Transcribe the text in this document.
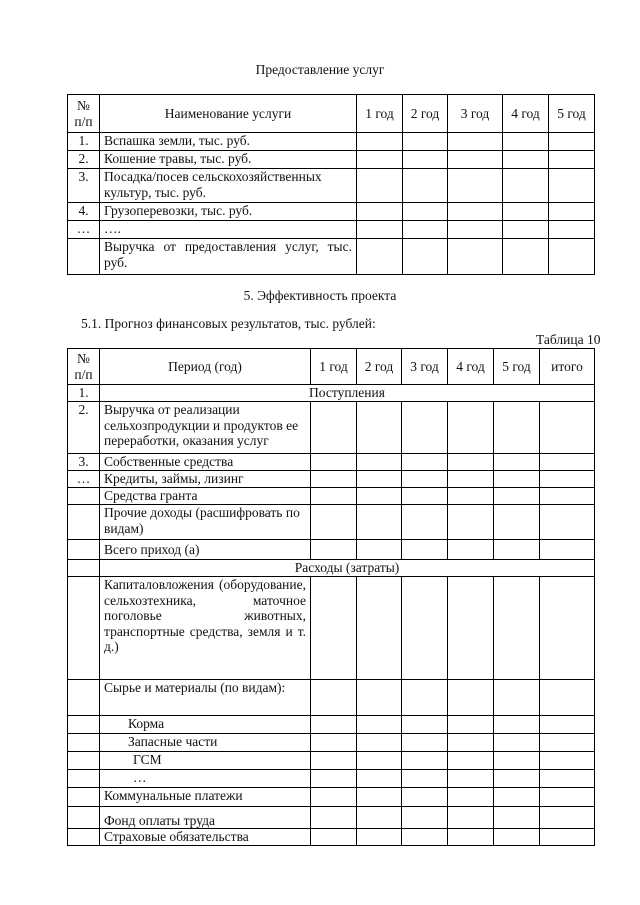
Предоставление услуг

№ п/п	Наименование услуги	1 год	2 год	3 год	4 год	5 год
1.	Вспашка земли, тыс. руб.					
2.	Кошение травы, тыс. руб.					
3.	Посадка/посев сельскохозяйственных культур, тыс. руб.					
4.	Грузоперевозки, тыс. руб.					
…	….					
	Выручка от предоставления услуг, тыс. руб.					

5. Эффективность проекта

5.1. Прогноз финансовых результатов, тыс. рублей:

Таблица 10

№ п/п	Период (год)	1 год	2 год	3 год	4 год	5 год	итого
1.	Поступления						
2.	Выручка от реализации сельхозпродукции и продуктов ее переработки, оказания услуг						
3.	Собственные средства						
…	Кредиты, займы, лизинг						
	Средства гранта						
	Прочие доходы (расшифровать по видам)						
	Всего приход (а)						
	Расходы (затраты)						
	Капиталовложения (оборудование, сельхозтехника, маточное поголовье животных, транспортные средства, земля и т. д.)						
	Сырье и материалы (по видам):						
	Корма						
	Запасные части						
	ГСМ						
	…						
	Коммунальные платежи						
	Фонд оплаты труда						
	Страховые обязательства						
